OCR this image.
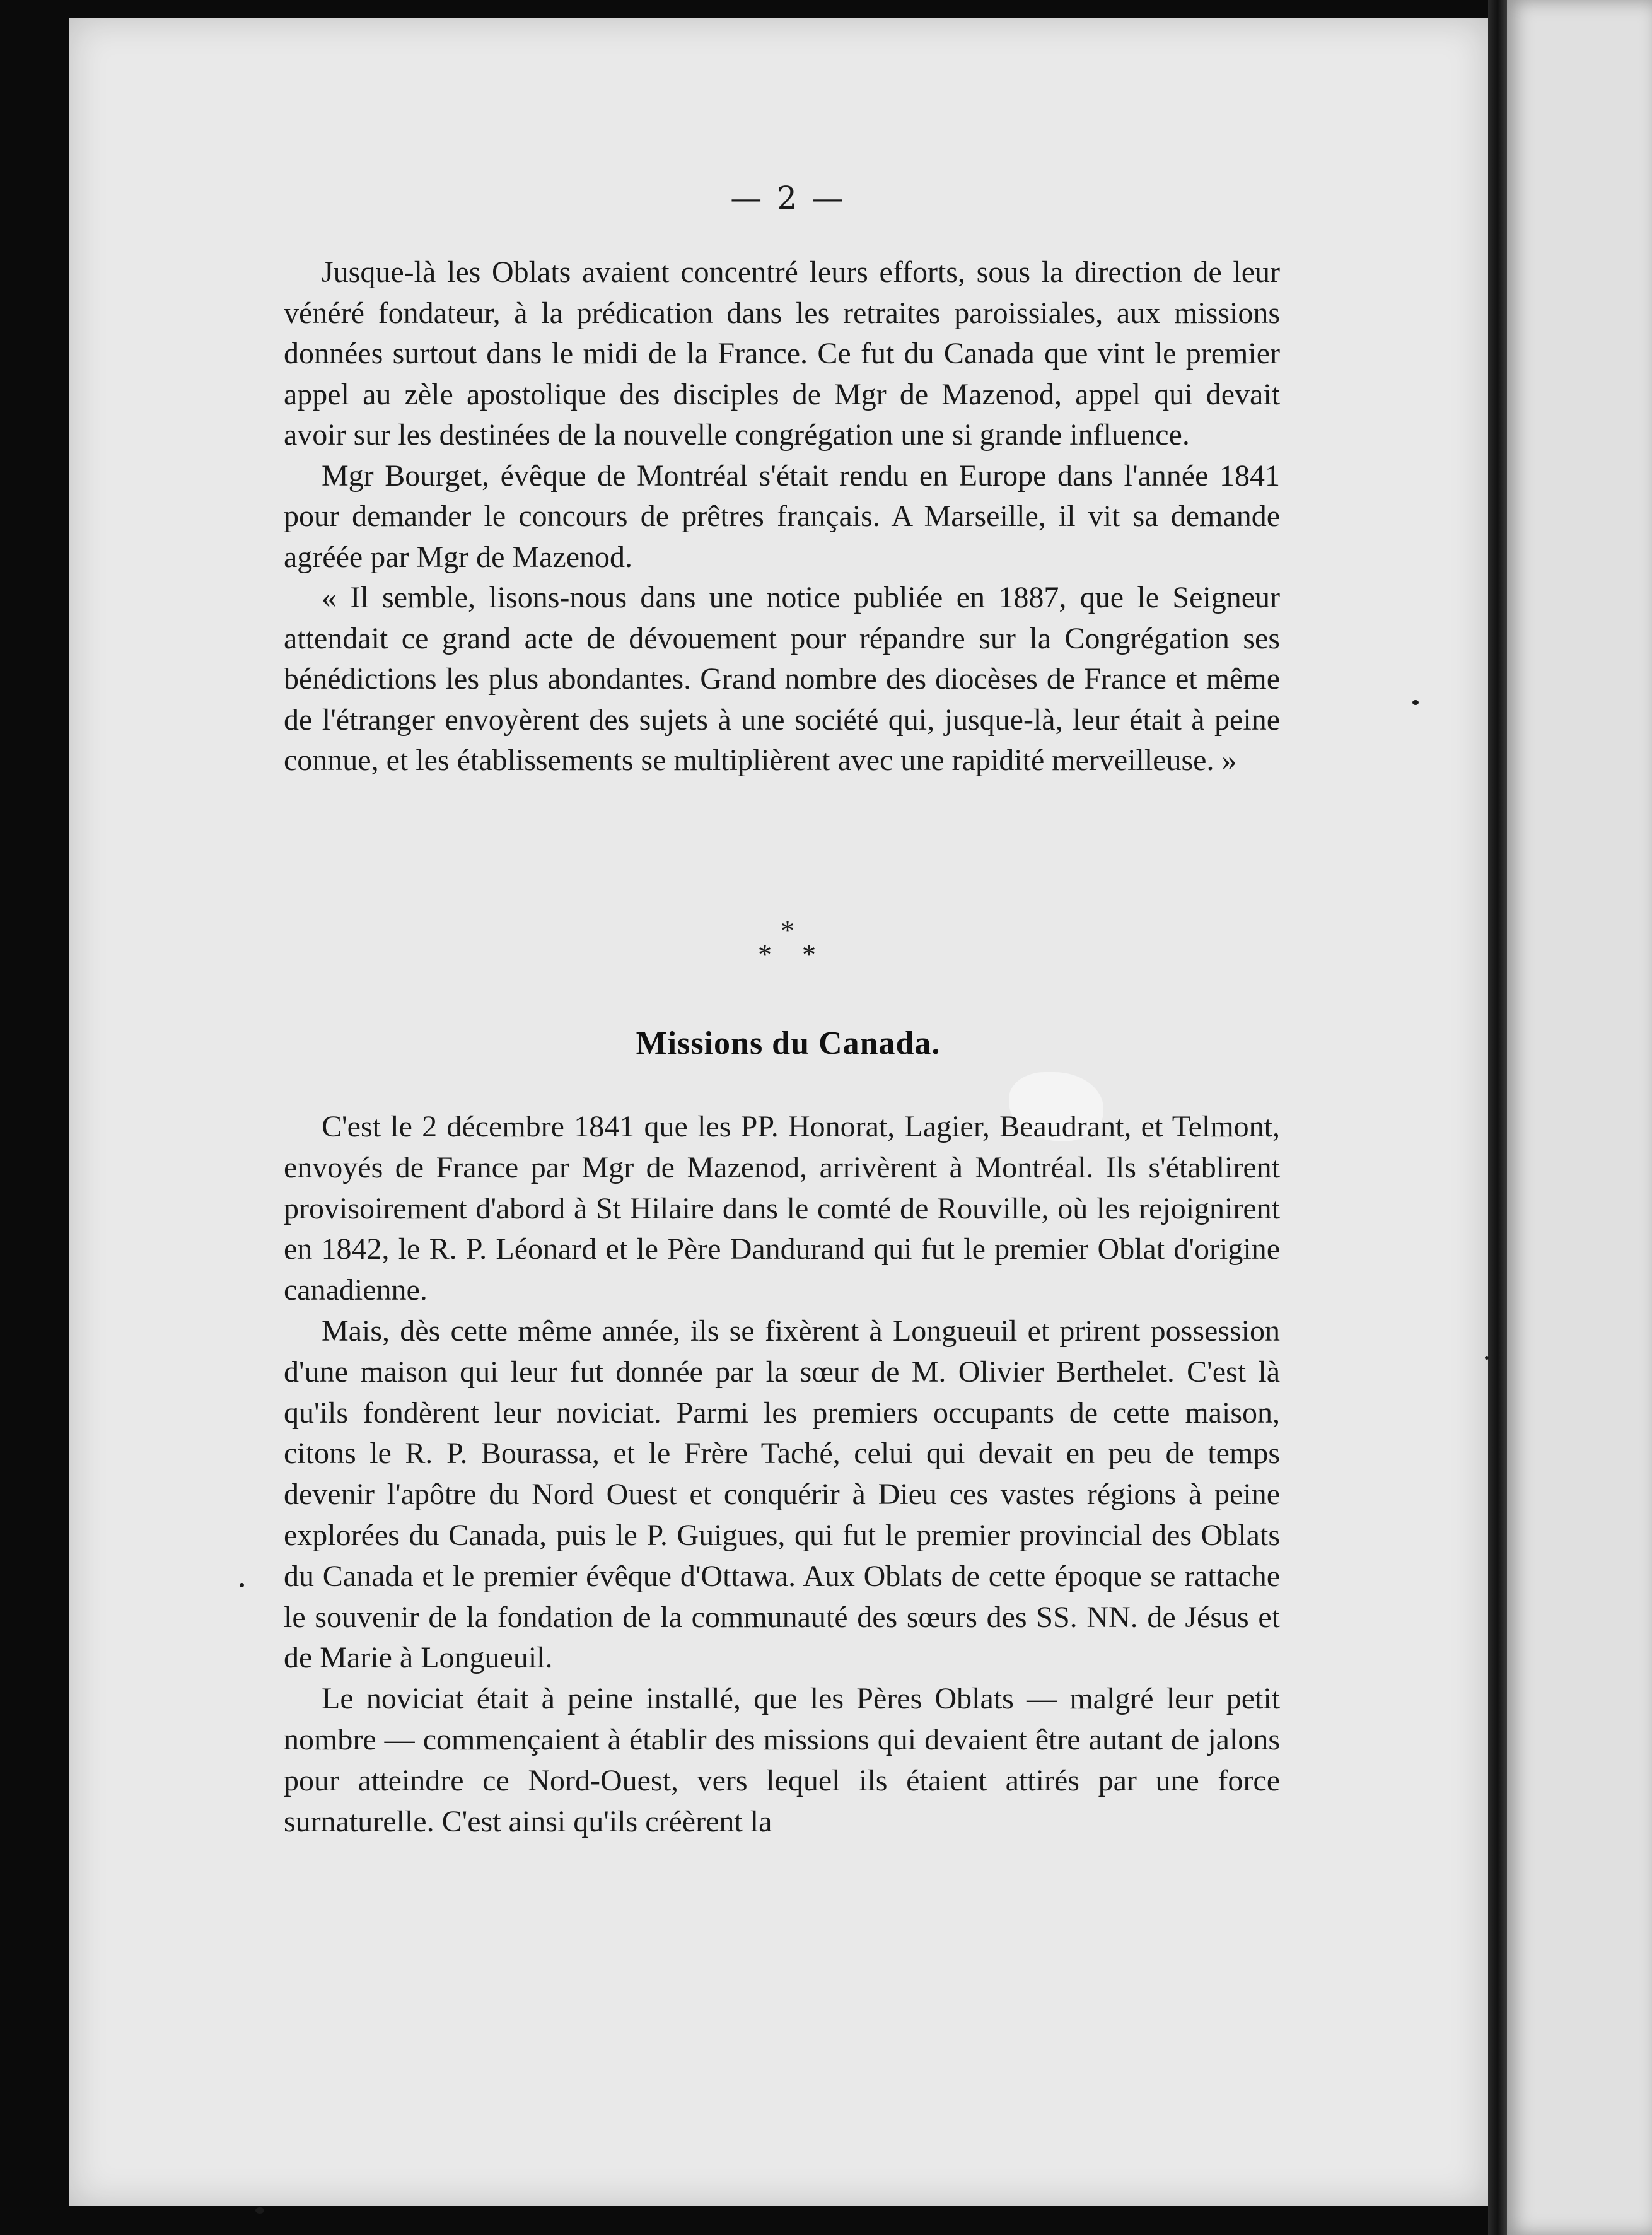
— 2 —

Jusque-là les Oblats avaient concentré leurs efforts, sous la direction de leur vénéré fondateur, à la prédication dans les retraites paroissiales, aux missions données surtout dans le midi de la France. Ce fut du Canada que vint le premier appel au zèle apostolique des disciples de Mgr de Mazenod, appel qui devait avoir sur les destinées de la nouvelle congrégation une si grande influence.

Mgr Bourget, évêque de Montréal s'était rendu en Europe dans l'année 1841 pour demander le concours de prêtres français. A Marseille, il vit sa demande agréée par Mgr de Mazenod.

« Il semble, lisons-nous dans une notice publiée en 1887, que le Seigneur attendait ce grand acte de dévouement pour répandre sur la Congrégation ses bénédictions les plus abondantes. Grand nombre des diocèses de France et même de l'étranger envoyèrent des sujets à une société qui, jusque-là, leur était à peine connue, et les établissements se multiplièrent avec une rapidité merveilleuse. »

*
* *
Missions du Canada.

C'est le 2 décembre 1841 que les PP. Honorat, Lagier, Beaudrant, et Telmont, envoyés de France par Mgr de Mazenod, arrivèrent à Montréal. Ils s'établirent provisoirement d'abord à St Hilaire dans le comté de Rouville, où les rejoignirent en 1842, le R. P. Léonard et le Père Dandurand qui fut le premier Oblat d'origine canadienne.

Mais, dès cette même année, ils se fixèrent à Longueuil et prirent possession d'une maison qui leur fut donnée par la sœur de M. Olivier Berthelet. C'est là qu'ils fondèrent leur noviciat. Parmi les premiers occupants de cette maison, citons le R. P. Bourassa, et le Frère Taché, celui qui devait en peu de temps devenir l'apôtre du Nord Ouest et conquérir à Dieu ces vastes régions à peine explorées du Canada, puis le P. Guigues, qui fut le premier provincial des Oblats du Canada et le premier évêque d'Ottawa. Aux Oblats de cette époque se rattache le souvenir de la fondation de la communauté des sœurs des SS. NN. de Jésus et de Marie à Longueuil.

Le noviciat était à peine installé, que les Pères Oblats — malgré leur petit nombre — commençaient à établir des missions qui devaient être autant de jalons pour atteindre ce Nord-Ouest, vers lequel ils étaient attirés par une force surnaturelle. C'est ainsi qu'ils créèrent la
